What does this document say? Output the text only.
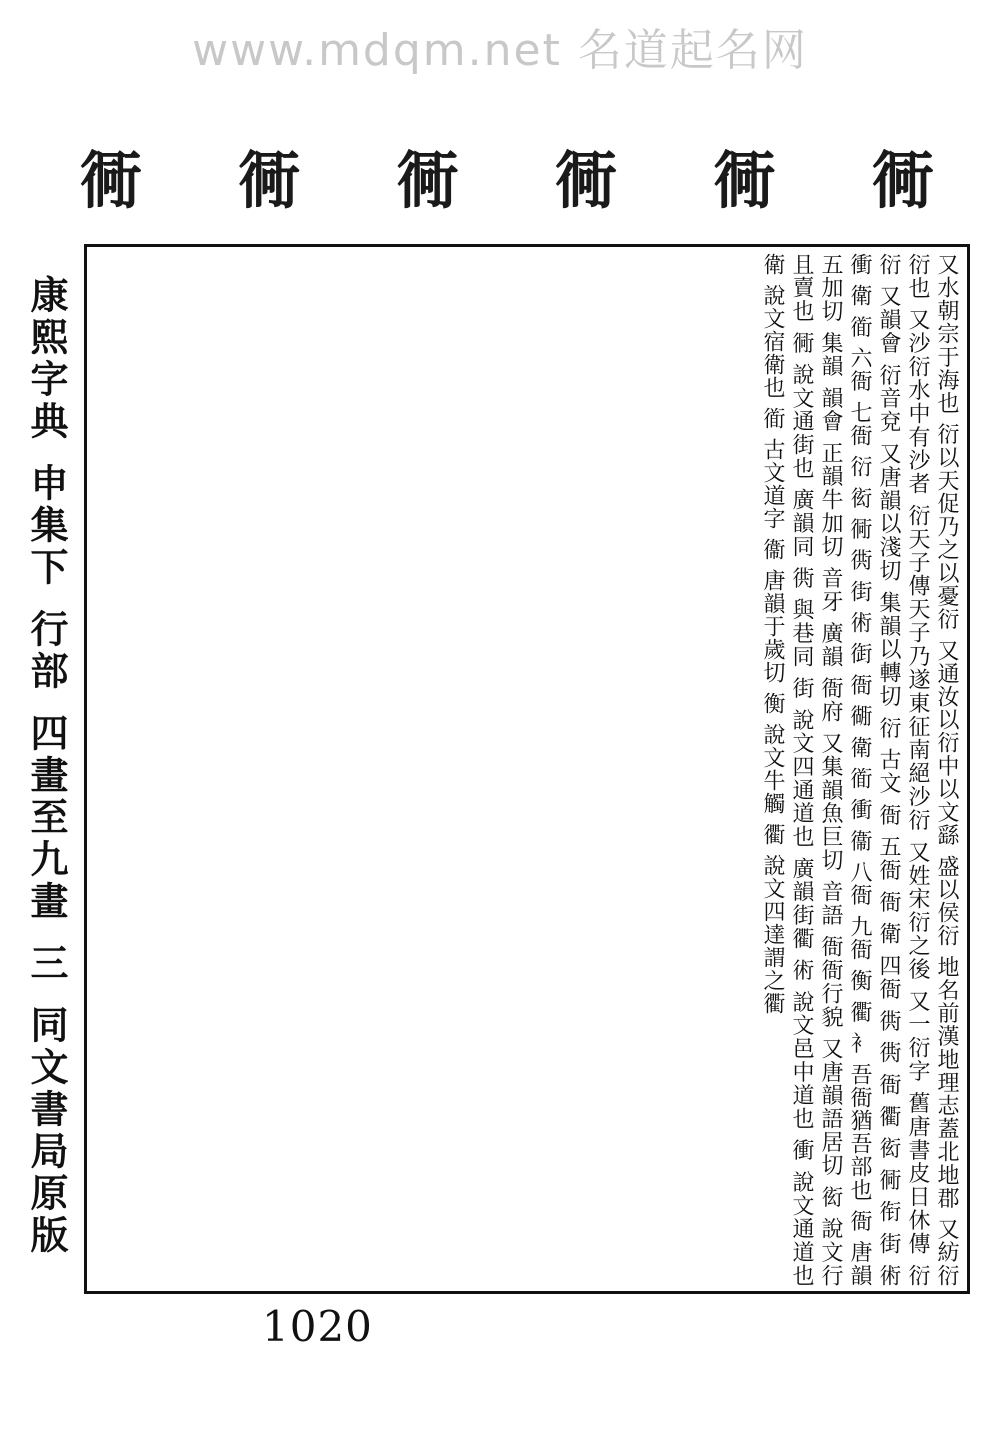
www.mdqm.net 名道起名网
衕 衕 衕 衕 衕 衕
康熙字典
申集下
行部
四畫至九畫
三
同文書局原版	又水朝宗于海也 衍以天促乃之以憂衍 又通汝以衍中以文繇 盛以侯衍 地名前漢地理志蓋北地郡 又紡衍衍也 又沙衍水中有沙者 衍天子傳天子乃遂東征南絕沙衍 又姓宋衍之後 又一衍字 舊唐書皮日休傳 衍衍 又韻會 衍音兗 又唐韻以淺切 集韻以轉切 衍 古文 衙 五衙 衙 衛 四衙 衖 衖 衙 衢 衒 衕 衔 街 術 衝 衛 衜 六衙 七衙 衍 衒 衕 衖 街 術 衘 衙 衚 衛 衜 衝 衞 八衙 九衙 衡 衢 衤 吾衙猶吾部也 衙 唐韻五加切 集韻 韻會 正韻牛加切 音牙 廣韻 衙府 又集韻魚巨切 音語 衙衙行貌 又唐韻語居切 衒 說文行且賣也 衕 說文通街也 廣韻同 衖 與巷同 街 說文四通道也 廣韻街衢 術 說文邑中道也 衝 說文通道也 衛 說文宿衛也 衜 古文道字 衞 唐韻于歲切 衡 說文牛觸 衢 說文四達謂之衢
1020
